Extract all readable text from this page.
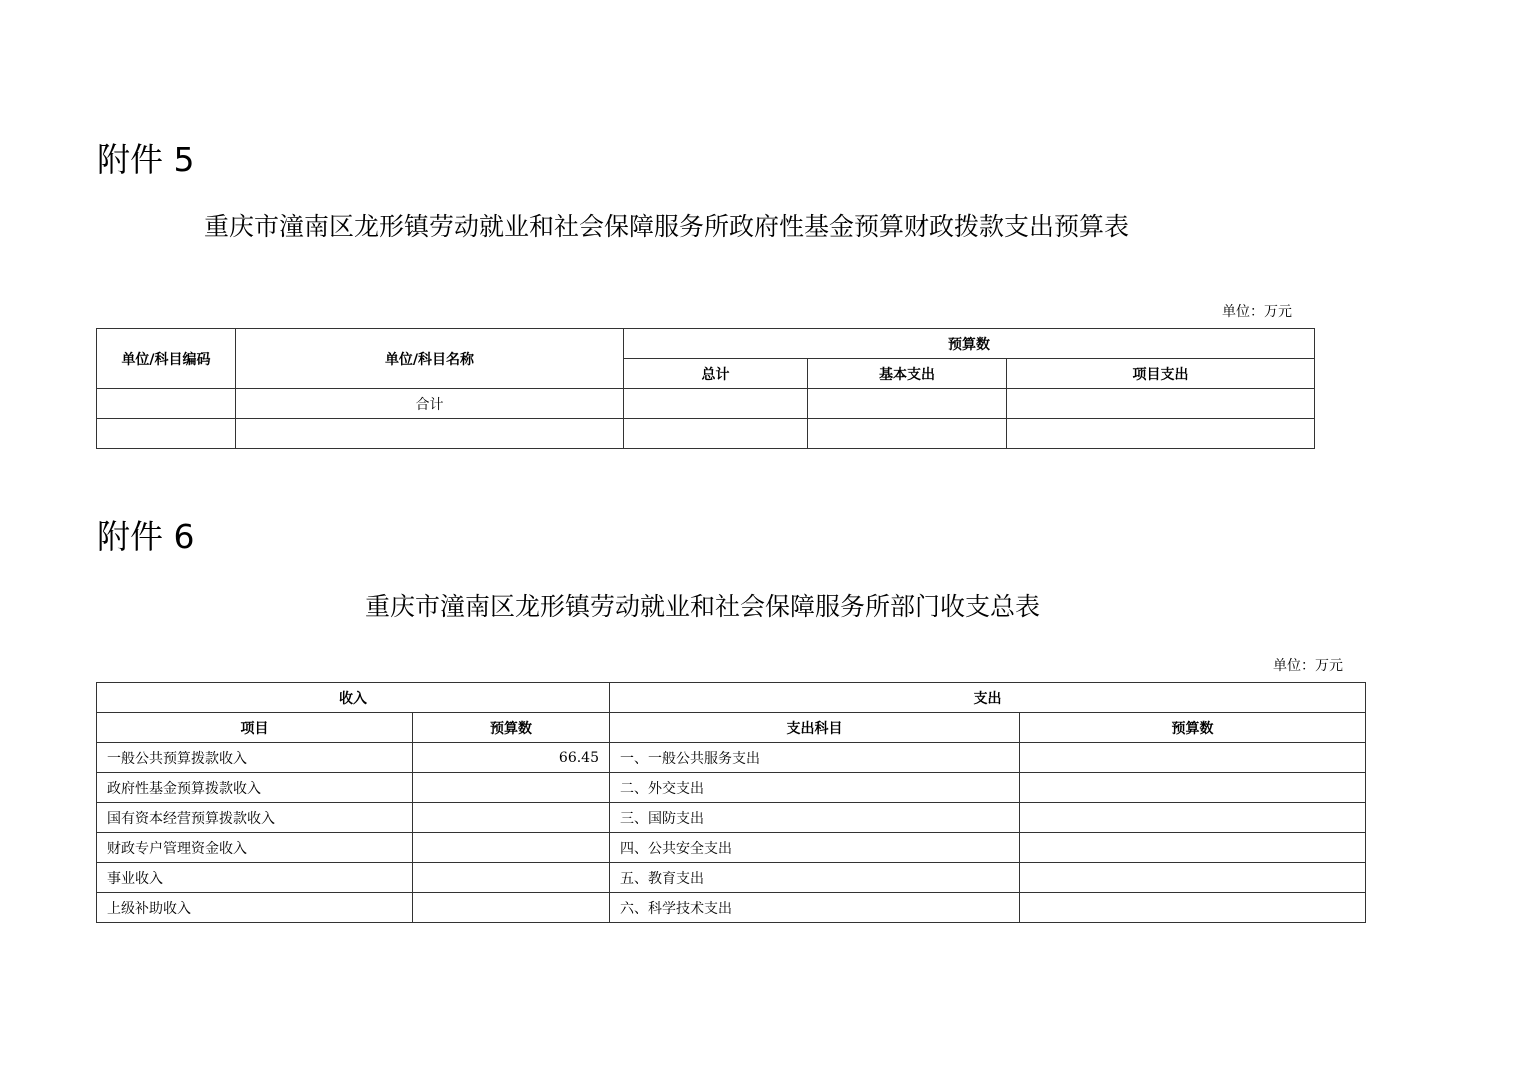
附件 5
重庆市潼南区龙形镇劳动就业和社会保障服务所政府性基金预算财政拨款支出预算表
单位：万元
单位/科目编码	单位/科目名称	预算数		
		总计	基本支出	项目支出
	合计			

附件 6
重庆市潼南区龙形镇劳动就业和社会保障服务所部门收支总表
单位：万元
收入		支出	
项目	预算数	支出科目	预算数
一般公共预算拨款收入	66.45	一、一般公共服务支出	
政府性基金预算拨款收入		二、外交支出	
国有资本经营预算拨款收入		三、国防支出	
财政专户管理资金收入		四、公共安全支出	
事业收入		五、教育支出	
上级补助收入		六、科学技术支出	
